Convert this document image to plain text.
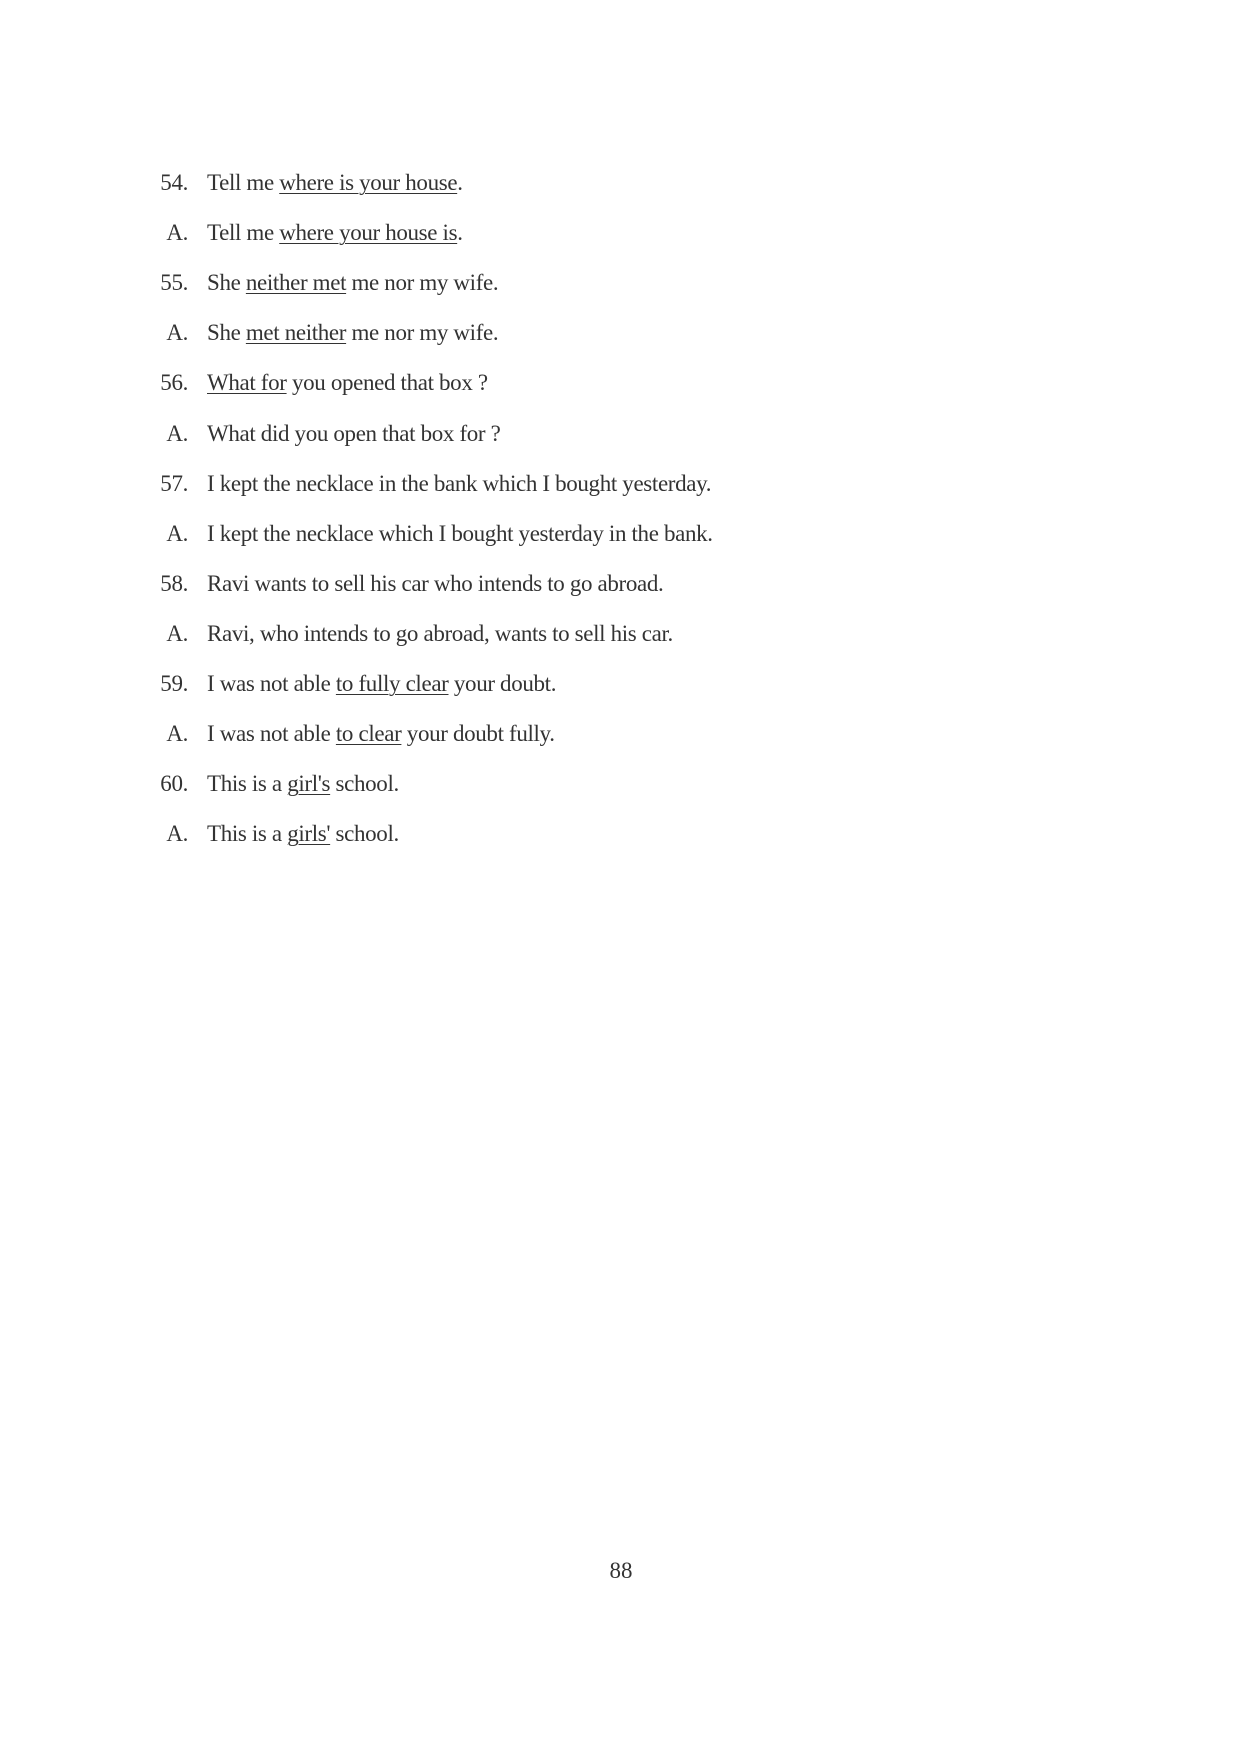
54. Tell me where is your house.
A. Tell me where your house is.
55. She neither met me nor my wife.
A. She met neither me nor my wife.
56. What for you opened that box ?
A. What did you open that box for ?
57. I kept the necklace in the bank which I bought yesterday.
A. I kept the necklace which I bought yesterday in the bank.
58. Ravi wants to sell his car who intends to go abroad.
A. Ravi, who intends to go abroad, wants to sell his car.
59. I was not able to fully clear your doubt.
A. I was not able to clear your doubt fully.
60. This is a girl's school.
A. This is a girls' school.
88
